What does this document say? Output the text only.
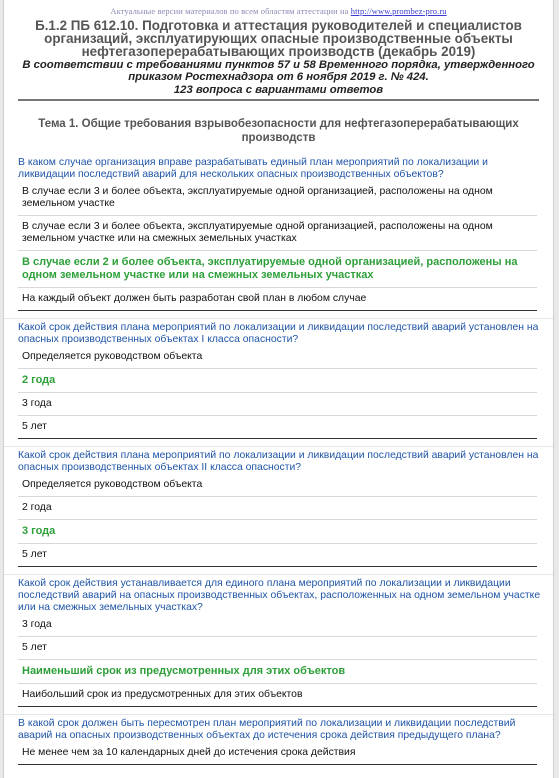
Актуальные версии материалов по всем областям аттестации на http://www.prombez-pro.ru
Б.1.2 ПБ 612.10. Подготовка и аттестация руководителей и специалистов организаций, эксплуатирующих опасные производственные объекты нефтегазоперерабатывающих производств (декабрь 2019)
В соответствии с требованиями пунктов 57 и 58 Временного порядка, утвержденного приказом Ростехнадзора от 6 ноября 2019 г. № 424.
123 вопроса с вариантами ответов
Тема 1. Общие требования взрывобезопасности для нефтегазоперерабатывающих производств
В каком случае организация вправе разрабатывать единый план мероприятий по локализации и ликвидации последствий аварий для нескольких опасных производственных объектов?
В случае если 3 и более объекта, эксплуатируемые одной организацией, расположены на одном земельном участке
В случае если 3 и более объекта, эксплуатируемые одной организацией, расположены на одном земельном участке или на смежных земельных участках
В случае если 2 и более объекта, эксплуатируемые одной организацией, расположены на одном земельном участке или на смежных земельных участках
На каждый объект должен быть разработан свой план в любом случае
Какой срок действия плана мероприятий по локализации и ликвидации последствий аварий установлен на опасных производственных объектах I класса опасности?
Определяется руководством объекта
2 года
3 года
5 лет
Какой срок действия плана мероприятий по локализации и ликвидации последствий аварий установлен на опасных производственных объектах II класса опасности?
Определяется руководством объекта
2 года
3 года
5 лет
Какой срок действия устанавливается для единого плана мероприятий по локализации и ликвидации последствий аварий на опасных производственных объектах, расположенных на одном земельном участке или на смежных земельных участках?
3 года
5 лет
Наименьший срок из предусмотренных для этих объектов
Наибольший срок из предусмотренных для этих объектов
В какой срок должен быть пересмотрен план мероприятий по локализации и ликвидации последствий аварий на опасных производственных объектах до истечения срока действия предыдущего плана?
Не менее чем за 10 календарных дней до истечения срока действия
